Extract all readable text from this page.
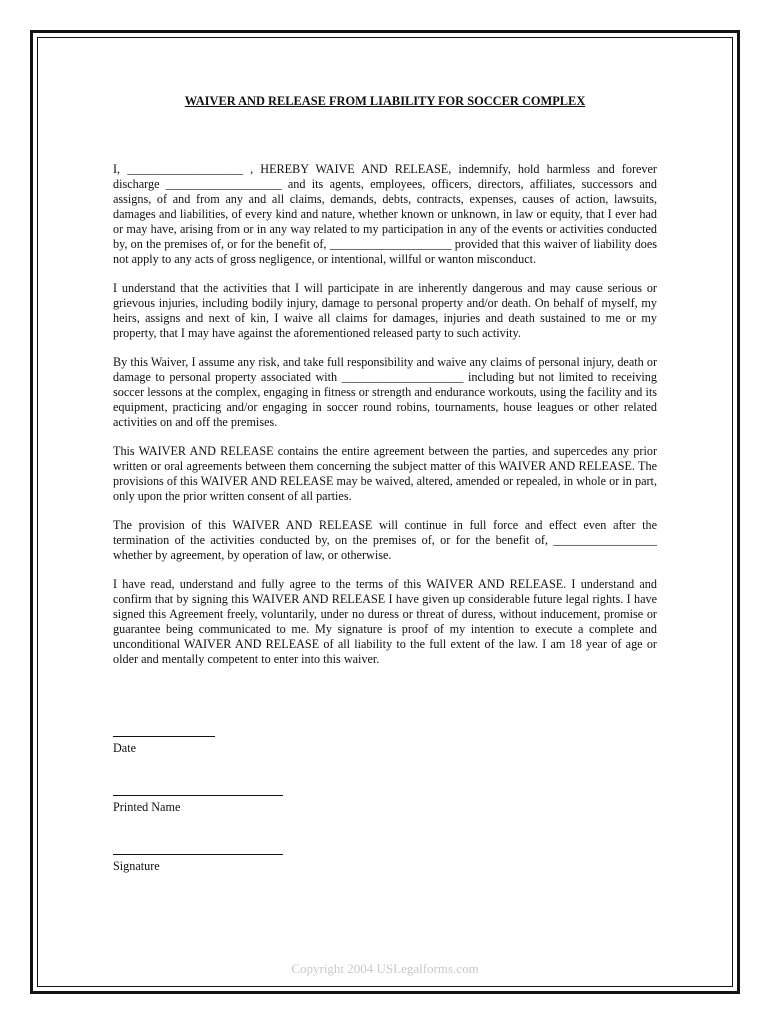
WAIVER AND RELEASE FROM LIABILITY FOR SOCCER COMPLEX

I, ___________________ , HEREBY WAIVE AND RELEASE, indemnify, hold harmless and forever discharge ___________________ and its agents, employees, officers, directors, affiliates, successors and assigns, of and from any and all claims, demands, debts, contracts, expenses, causes of action, lawsuits, damages and liabilities, of every kind and nature, whether known or unknown, in law or equity, that I ever had or may have, arising from or in any way related to my participation in any of the events or activities conducted by, on the premises of, or for the benefit of, ____________________ provided that this waiver of liability does not apply to any acts of gross negligence, or intentional, willful or wanton misconduct.

I understand that the activities that I will participate in are inherently dangerous and may cause serious or grievous injuries, including bodily injury, damage to personal property and/or death. On behalf of myself, my heirs, assigns and next of kin, I waive all claims for damages, injuries and death sustained to me or my property, that I may have against the aforementioned released party to such activity.

By this Waiver, I assume any risk, and take full responsibility and waive any claims of personal injury, death or damage to personal property associated with ____________________ including but not limited to receiving soccer lessons at the complex, engaging in fitness or strength and endurance workouts, using the facility and its equipment, practicing and/or engaging in soccer round robins, tournaments, house leagues or other related activities on and off the premises.

This WAIVER AND RELEASE contains the entire agreement between the parties, and supercedes any prior written or oral agreements between them concerning the subject matter of this WAIVER AND RELEASE. The provisions of this WAIVER AND RELEASE may be waived, altered, amended or repealed, in whole or in part, only upon the prior written consent of all parties.

The provision of this WAIVER AND RELEASE will continue in full force and effect even after the termination of the activities conducted by, on the premises of, or for the benefit of, _________________ whether by agreement, by operation of law, or otherwise.

I have read, understand and fully agree to the terms of this WAIVER AND RELEASE. I understand and confirm that by signing this WAIVER AND RELEASE I have given up considerable future legal rights. I have signed this Agreement freely, voluntarily, under no duress or threat of duress, without inducement, promise or guarantee being communicated to me. My signature is proof of my intention to execute a complete and unconditional WAIVER AND RELEASE of all liability to the full extent of the law. I am 18 year of age or older and mentally competent to enter into this waiver.

Date
Printed Name
Signature
Copyright 2004 USLegalforms.com
